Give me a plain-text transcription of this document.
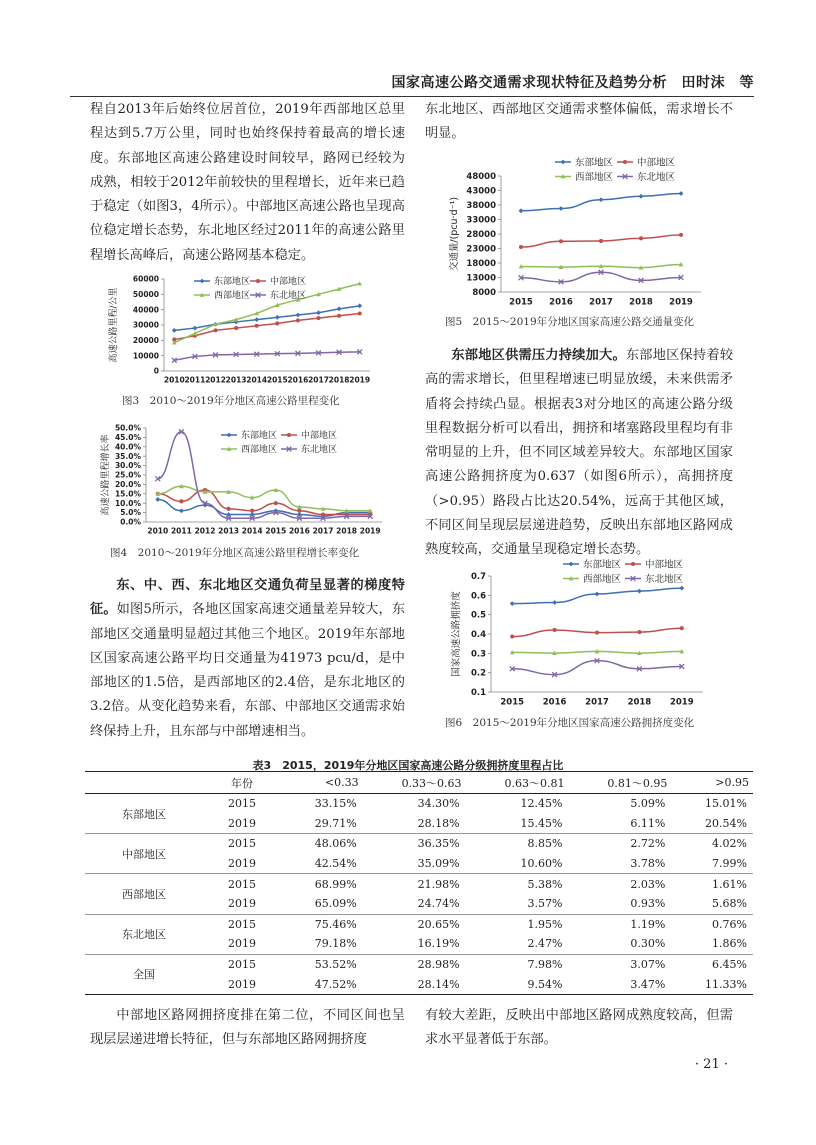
国家高速公路交通需求现状特征及趋势分析　田时沫　等

程自2013年后始终位居首位，2019年西部地区总里程达到5.7万公里，同时也始终保持着最高的增长速度。东部地区高速公路建设时间较早，路网已经较为成熟，相较于2012年前较快的里程增长，近年来已趋于稳定（如图3，4所示）。中部地区高速公路也呈现高位稳定增长态势，东北地区经过2011年的高速公路里程增长高峰后，高速公路网基本稳定。

0
10000
20000
30000
40000
50000
60000
2010 2011 2012 2013 2014 2015 2016 2017 2018 2019
高速公路里程/公里
东部地区 中部地区
西部地区 东北地区
图3　2010～2019年分地区高速公路里程变化
0.0%
5.0%
10.0%
15.0%
20.0%
25.0%
30.0%
35.0%
40.0%
45.0%
50.0%
2010 2011 2012 2013 2014 2015 2016 2017 2018 2019
高速公路里程增长率	东部地区	中部地区
西部地区	东北地区
图4　2010～2019年分地区高速公路里程增长率变化

东、中、西、东北地区交通负荷呈显著的梯度特征。如图5所示，各地区国家高速交通量差异较大，东部地区交通量明显超过其他三个地区。2019年东部地区国家高速公路平均日交通量为41973 pcu/d，是中部地区的1.5倍，是西部地区的2.4倍，是东北地区的3.2倍。从变化趋势来看，东部、中部地区交通需求始终保持上升，且东部与中部增速相当。

东北地区、西部地区交通需求整体偏低，需求增长不明显。

8000
13000
18000
23000
28000
33000
38000
43000
48000
2015 2016 2017 2018 2019
交通量/(pcu·d⁻¹)
东部地区	中部地区
西部地区	东北地区
图5　2015～2019年分地区国家高速公路交通量变化

东部地区供需压力持续加大。东部地区保持着较高的需求增长，但里程增速已明显放缓，未来供需矛盾将会持续凸显。根据表3对分地区的高速公路分级里程数据分析可以看出，拥挤和堵塞路段里程均有非常明显的上升，但不同区域差异较大。东部地区国家高速公路拥挤度为0.637（如图6所示），高拥挤度（>0.95）路段占比达20.54%，远高于其他区域，不同区间呈现层层递进趋势，反映出东部地区路网成熟度较高，交通量呈现稳定增长态势。

0.1
0.2
0.3
0.4
0.5
0.6
0.7
2015 2016 2017 2018 2019
国家高速公路拥挤度
东部地区	中部地区
西部地区	东北地区
图6　2015～2019年分地区国家高速公路拥挤度变化
表3　2015，2019年分地区国家高速公路分级拥挤度里程占比
	年份	<0.33	0.33～0.63	0.63～0.81	0.81～0.95	>0.95
东部地区	2015	33.15%	34.30%	12.45%	5.09%	15.01%
	2019	29.71%	28.18%	15.45%	6.11%	20.54%
中部地区	2015	48.06%	36.35%	8.85%	2.72%	4.02%
	2019	42.54%	35.09%	10.60%	3.78%	7.99%
西部地区	2015	68.99%	21.98%	5.38%	2.03%	1.61%
	2019	65.09%	24.74%	3.57%	0.93%	5.68%
东北地区	2015	75.46%	20.65%	1.95%	1.19%	0.76%
	2019	79.18%	16.19%	2.47%	0.30%	1.86%
全国	2015	53.52%	28.98%	7.98%	3.07%	6.45%
	2019	47.52%	28.14%	9.54%	3.47%	11.33%

中部地区路网拥挤度排在第二位，不同区间也呈现层层递进增长特征，但与东部地区路网拥挤度

有较大差距，反映出中部地区路网成熟度较高，但需求水平显著低于东部。

· 21 ·
